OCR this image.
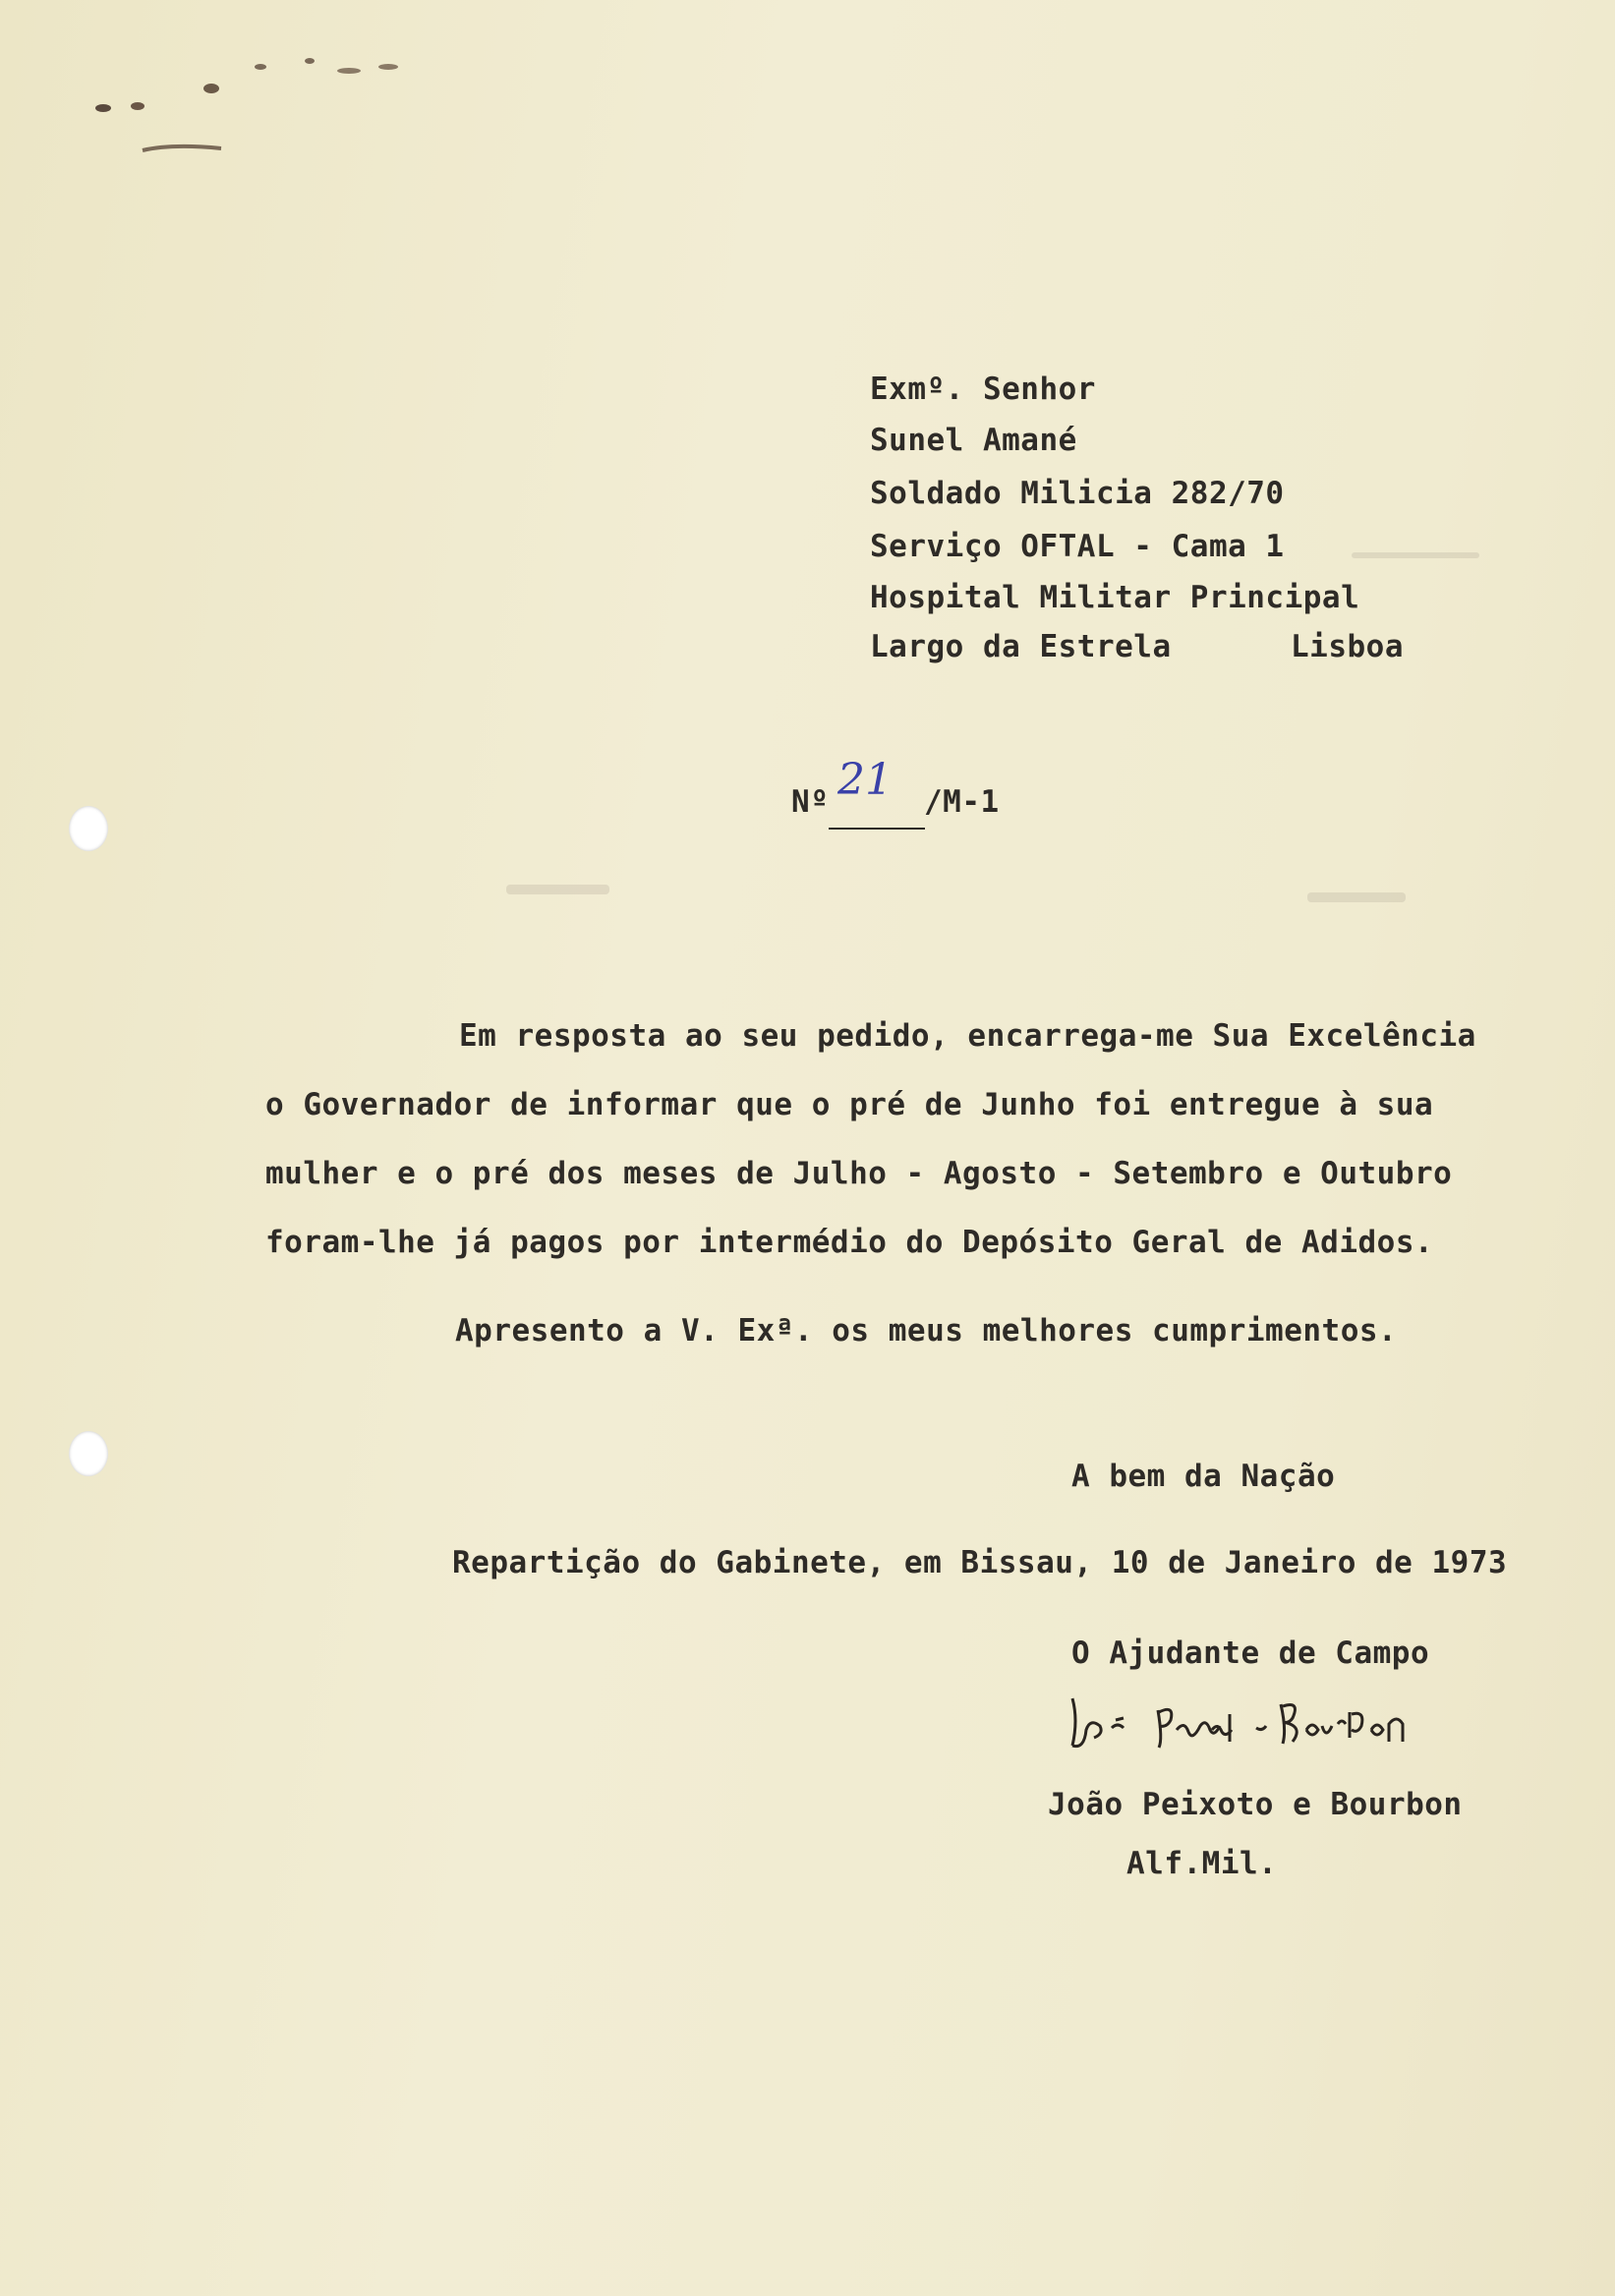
Exmº. Senhor
Sunel Amané
Soldado Milicia 282/70
Serviço OFTAL - Cama 1
Hospital Militar Principal
Largo da Estrela	Lisboa
Nº 21 /M-1
Em resposta ao seu pedido, encarrega-me Sua Excelência
o Governador de informar que o pré de Junho foi entregue à sua
mulher e o pré dos meses de Julho - Agosto - Setembro e Outubro
foram-lhe já pagos por intermédio do Depósito Geral de Adidos.
Apresento a V. Exª. os meus melhores cumprimentos.
A bem da Nação
Repartição do Gabinete, em Bissau, 10 de Janeiro de 1973
O Ajudante de Campo
João Peixoto e Bourbon
Alf.Mil.
